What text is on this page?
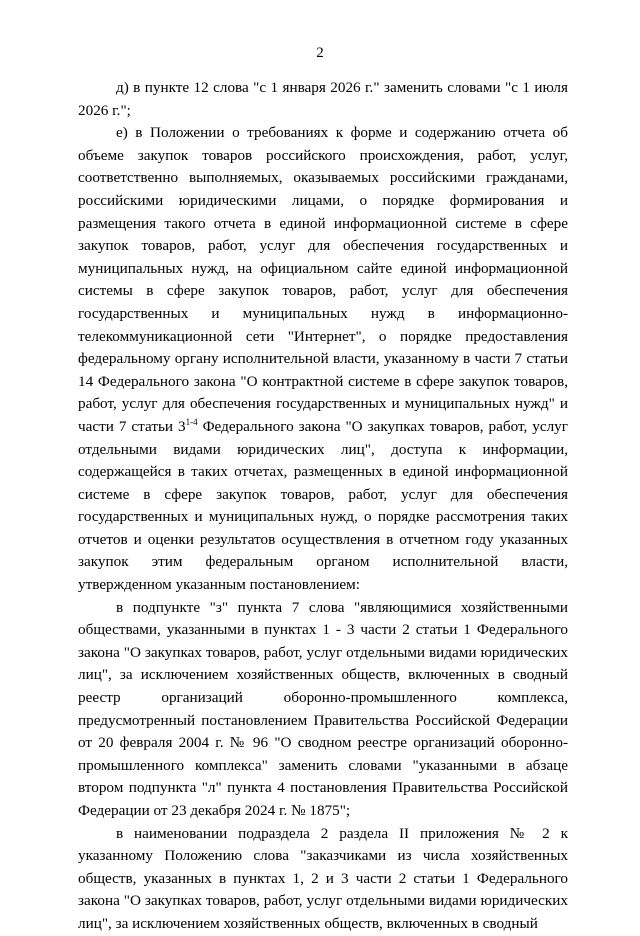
2

д) в пункте 12 слова "с 1 января 2026 г." заменить словами "с 1 июля 2026 г.";

е) в Положении о требованиях к форме и содержанию отчета об объеме закупок товаров российского происхождения, работ, услуг, соответственно выполняемых, оказываемых российскими гражданами, российскими юридическими лицами, о порядке формирования и размещения такого отчета в единой информационной системе в сфере закупок товаров, работ, услуг для обеспечения государственных и муниципальных нужд, на официальном сайте единой информационной системы в сфере закупок товаров, работ, услуг для обеспечения государственных и муниципальных нужд в информационно-телекоммуникационной сети "Интернет", о порядке предоставления федеральному органу исполнительной власти, указанному в части 7 статьи 14 Федерального закона "О контрактной системе в сфере закупок товаров, работ, услуг для обеспечения государственных и муниципальных нужд" и части 7 статьи 3$^{1-4}$ Федерального закона "О закупках товаров, работ, услуг отдельными видами юридических лиц", доступа к информации, содержащейся в таких отчетах, размещенных в единой информационной системе в сфере закупок товаров, работ, услуг для обеспечения государственных и муниципальных нужд, о порядке рассмотрения таких отчетов и оценки результатов осуществления в отчетном году указанных закупок этим федеральным органом исполнительной власти, утвержденном указанным постановлением:

в подпункте "з" пункта 7 слова "являющимися хозяйственными обществами, указанными в пунктах 1 - 3 части 2 статьи 1 Федерального закона "О закупках товаров, работ, услуг отдельными видами юридических лиц", за исключением хозяйственных обществ, включенных в сводный реестр организаций оборонно-промышленного комплекса, предусмотренный постановлением Правительства Российской Федерации от 20 февраля 2004 г. № 96 "О сводном реестре организаций оборонно-промышленного комплекса" заменить словами "указанными в абзаце втором подпункта "л" пункта 4 постановления Правительства Российской Федерации от 23 декабря 2024 г. № 1875";

в наименовании подраздела 2 раздела II приложения № 2 к указанному Положению слова "заказчиками из числа хозяйственных обществ, указанных в пунктах 1, 2 и 3 части 2 статьи 1 Федерального закона "О закупках товаров, работ, услуг отдельными видами юридических лиц", за исключением хозяйственных обществ, включенных в сводный
